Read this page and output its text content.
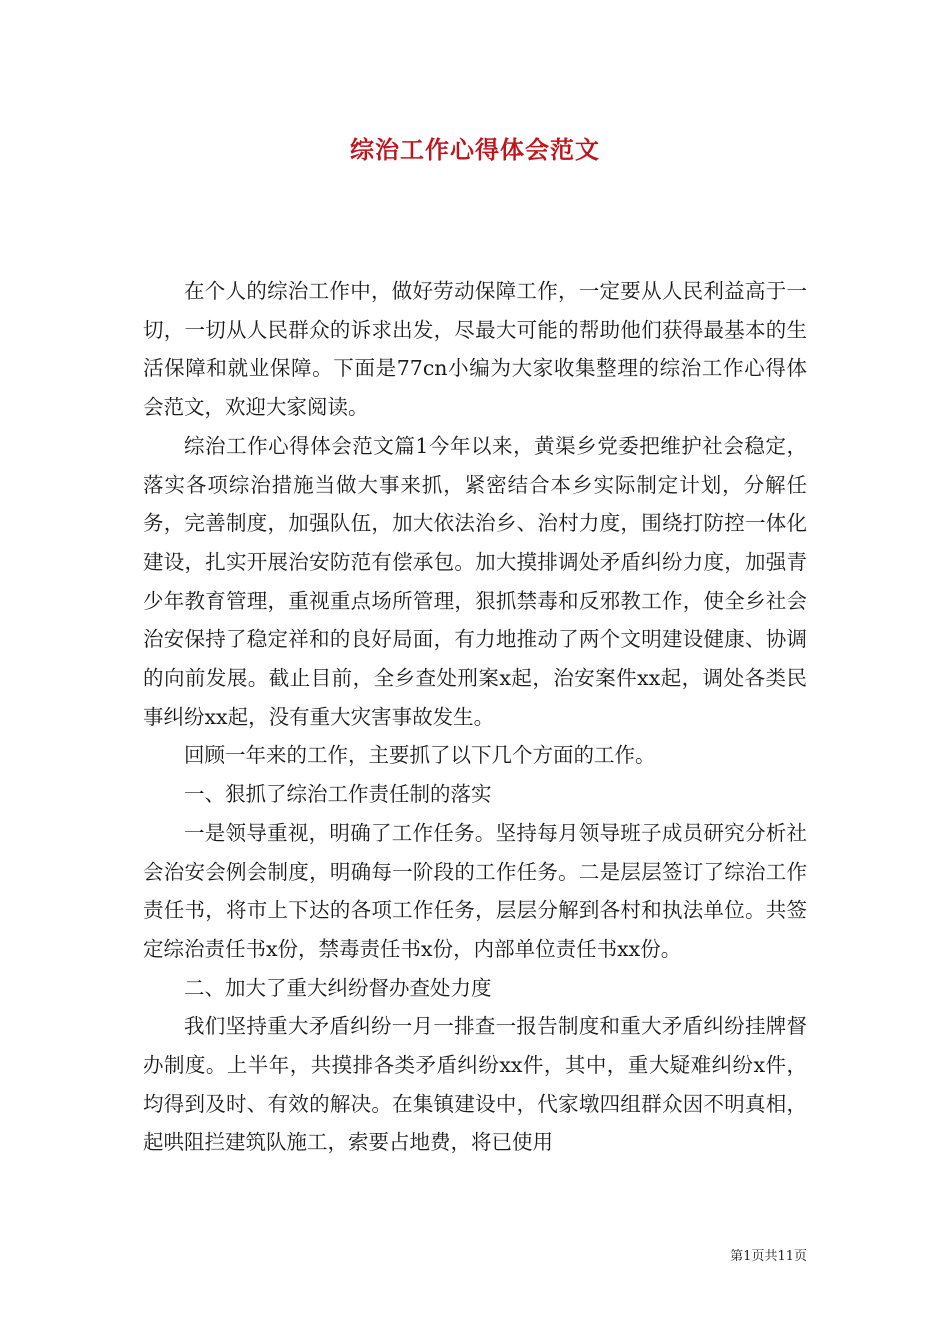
综治工作心得体会范文

在个人的综治工作中，做好劳动保障工作，一定要从人民利益高于一切，一切从人民群众的诉求出发，尽最大可能的帮助他们获得最基本的生活保障和就业保障。下面是77cn小编为大家收集整理的综治工作心得体会范文，欢迎大家阅读。

综治工作心得体会范文篇1今年以来，黄渠乡党委把维护社会稳定，落实各项综治措施当做大事来抓，紧密结合本乡实际制定计划，分解任务，完善制度，加强队伍，加大依法治乡、治村力度，围绕打防控一体化建设，扎实开展治安防范有偿承包。加大摸排调处矛盾纠纷力度，加强青少年教育管理，重视重点场所管理，狠抓禁毒和反邪教工作，使全乡社会治安保持了稳定祥和的良好局面，有力地推动了两个文明建设健康、协调的向前发展。截止目前，全乡查处刑案x起，治安案件xx起，调处各类民事纠纷xx起，没有重大灾害事故发生。

回顾一年来的工作，主要抓了以下几个方面的工作。

一、狠抓了综治工作责任制的落实

一是领导重视，明确了工作任务。坚持每月领导班子成员研究分析社会治安会例会制度，明确每一阶段的工作任务。二是层层签订了综治工作责任书，将市上下达的各项工作任务，层层分解到各村和执法单位。共签定综治责任书x份，禁毒责任书x份，内部单位责任书xx份。

二、加大了重大纠纷督办查处力度

我们坚持重大矛盾纠纷一月一排查一报告制度和重大矛盾纠纷挂牌督办制度。上半年，共摸排各类矛盾纠纷xx件，其中，重大疑难纠纷x件，均得到及时、有效的解决。在集镇建设中，代家墩四组群众因不明真相，起哄阻拦建筑队施工，索要占地费，将已使用

第1页共11页
